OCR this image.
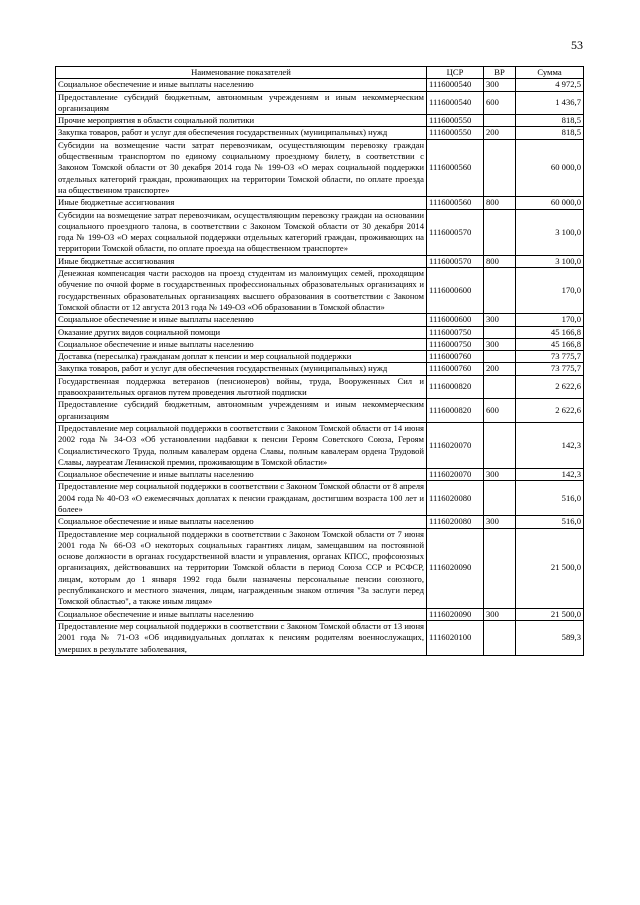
53
Наименование показателей	ЦСР	ВР	Сумма
Социальное обеспечение и иные выплаты населению	1116000540	300	4 972,5
Предоставление субсидий бюджетным, автономным учреждениям и иным некоммерческим организациям	1116000540	600	1 436,7
Прочие мероприятия в области социальной политики	1116000550		818,5
Закупка товаров, работ и услуг для обеспечения государственных (муниципальных) нужд	1116000550	200	818,5
Субсидии на возмещение части затрат перевозчикам, осуществляющим перевозку граждан общественным транспортом по единому социальному проездному билету, в соответствии с Законом Томской области от 30 декабря 2014 года № 199-ОЗ «О мерах социальной поддержки отдельных категорий граждан, проживающих на территории Томской области, по оплате проезда на общественном транспорте»	1116000560		60 000,0
Иные бюджетные ассигнования	1116000560	800	60 000,0
Субсидии на возмещение затрат перевозчикам, осуществляющим перевозку граждан на основании социального проездного талона, в соответствии с Законом Томской области от 30 декабря 2014 года № 199-ОЗ «О мерах социальной поддержки отдельных категорий граждан, проживающих на территории Томской области, по оплате проезда на общественном транспорте»	1116000570		3 100,0
Иные бюджетные ассигнования	1116000570	800	3 100,0
Денежная компенсация части расходов на проезд студентам из малоимущих семей, проходящим обучение по очной форме в государственных профессиональных образовательных организациях и государственных образовательных организациях высшего образования в соответствии с Законом Томской области от 12 августа 2013 года № 149-ОЗ «Об образовании в Томской области»	1116000600		170,0
Социальное обеспечение и иные выплаты населению	1116000600	300	170,0
Оказание других видов социальной помощи	1116000750		45 166,8
Социальное обеспечение и иные выплаты населению	1116000750	300	45 166,8
Доставка (пересылка) гражданам доплат к пенсии и мер социальной поддержки	1116000760		73 775,7
Закупка товаров, работ и услуг для обеспечения государственных (муниципальных) нужд	1116000760	200	73 775,7
Государственная поддержка ветеранов (пенсионеров) войны, труда, Вооруженных Сил и правоохранительных органов путем проведения льготной подписки	1116000820		2 622,6
Предоставление субсидий бюджетным, автономным учреждениям и иным некоммерческим организациям	1116000820	600	2 622,6
Предоставление мер социальной поддержки в соответствии с Законом Томской области от 14 июня 2002 года № 34-ОЗ «Об установлении надбавки к пенсии Героям Советского Союза, Героям Социалистического Труда, полным кавалерам ордена Славы, полным кавалерам ордена Трудовой Славы, лауреатам Ленинской премии, проживающим в Томской области»	1116020070		142,3
Социальное обеспечение и иные выплаты населению	1116020070	300	142,3
Предоставление мер социальной поддержки в соответствии с Законом Томской области от 8 апреля 2004 года № 40-ОЗ «О ежемесячных доплатах к пенсии гражданам, достигшим возраста 100 лет и более»	1116020080		516,0
Социальное обеспечение и иные выплаты населению	1116020080	300	516,0
Предоставление мер социальной поддержки в соответствии с Законом Томской области от 7 июня 2001 года № 66-ОЗ «О некоторых социальных гарантиях лицам, замещавшим на постоянной основе должности в органах государственной власти и управления, органах КПСС, профсоюзных организациях, действовавших на территории Томской области в период Союза ССР и РСФСР, лицам, которым до 1 января 1992 года были назначены персональные пенсии союзного, республиканского и местного значения, лицам, награжденным знаком отличия "За заслуги перед Томской областью", а также иным лицам»	1116020090		21 500,0
Социальное обеспечение и иные выплаты населению	1116020090	300	21 500,0
Предоставление мер социальной поддержки в соответствии с Законом Томской области от 13 июня 2001 года № 71-ОЗ «Об индивидуальных доплатах к пенсиям родителям военнослужащих, умерших в результате заболевания,	1116020100		589,3
